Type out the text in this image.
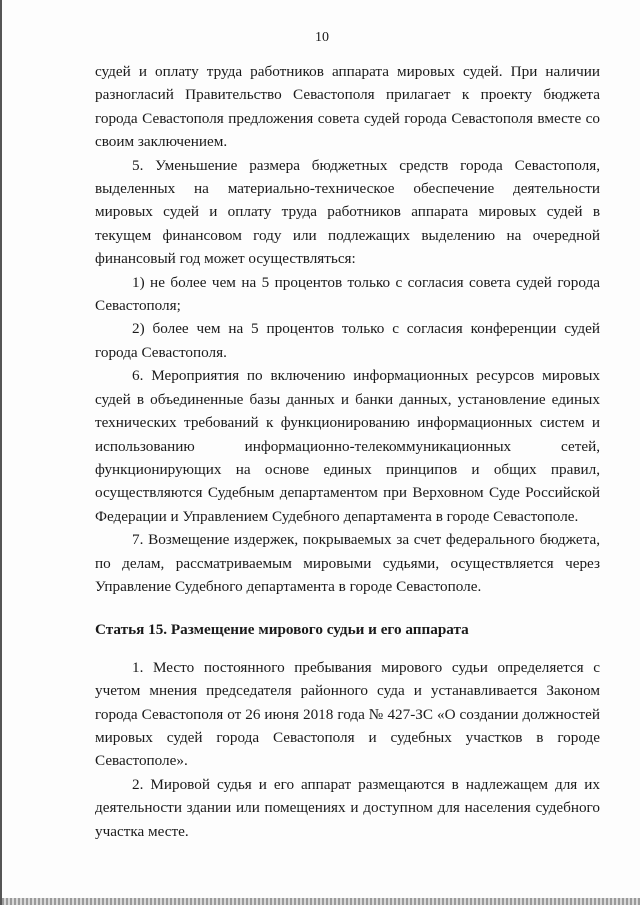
10

судей и оплату труда работников аппарата мировых судей. При наличии разногласий Правительство Севастополя прилагает к проекту бюджета города Севастополя предложения совета судей города Севастополя вместе со своим заключением.

5. Уменьшение размера бюджетных средств города Севастополя, выделенных на материально-техническое обеспечение деятельности мировых судей и оплату труда работников аппарата мировых судей в текущем финансовом году или подлежащих выделению на очередной финансовый год может осуществляться:

1) не более чем на 5 процентов только с согласия совета судей города Севастополя;

2) более чем на 5 процентов только с согласия конференции судей города Севастополя.

6. Мероприятия по включению информационных ресурсов мировых судей в объединенные базы данных и банки данных, установление единых технических требований к функционированию информационных систем и использованию информационно-телекоммуникационных сетей, функционирующих на основе единых принципов и общих правил, осуществляются Судебным департаментом при Верховном Суде Российской Федерации и Управлением Судебного департамента в городе Севастополе.

7. Возмещение издержек, покрываемых за счет федерального бюджета, по делам, рассматриваемым мировыми судьями, осуществляется через Управление Судебного департамента в городе Севастополе.

Статья 15. Размещение мирового судьи и его аппарата

1. Место постоянного пребывания мирового судьи определяется с учетом мнения председателя районного суда и устанавливается Законом города Севастополя от 26 июня 2018 года № 427-ЗС «О создании должностей мировых судей города Севастополя и судебных участков в городе Севастополе».

2. Мировой судья и его аппарат размещаются в надлежащем для их деятельности здании или помещениях и доступном для населения судебного участка месте.
